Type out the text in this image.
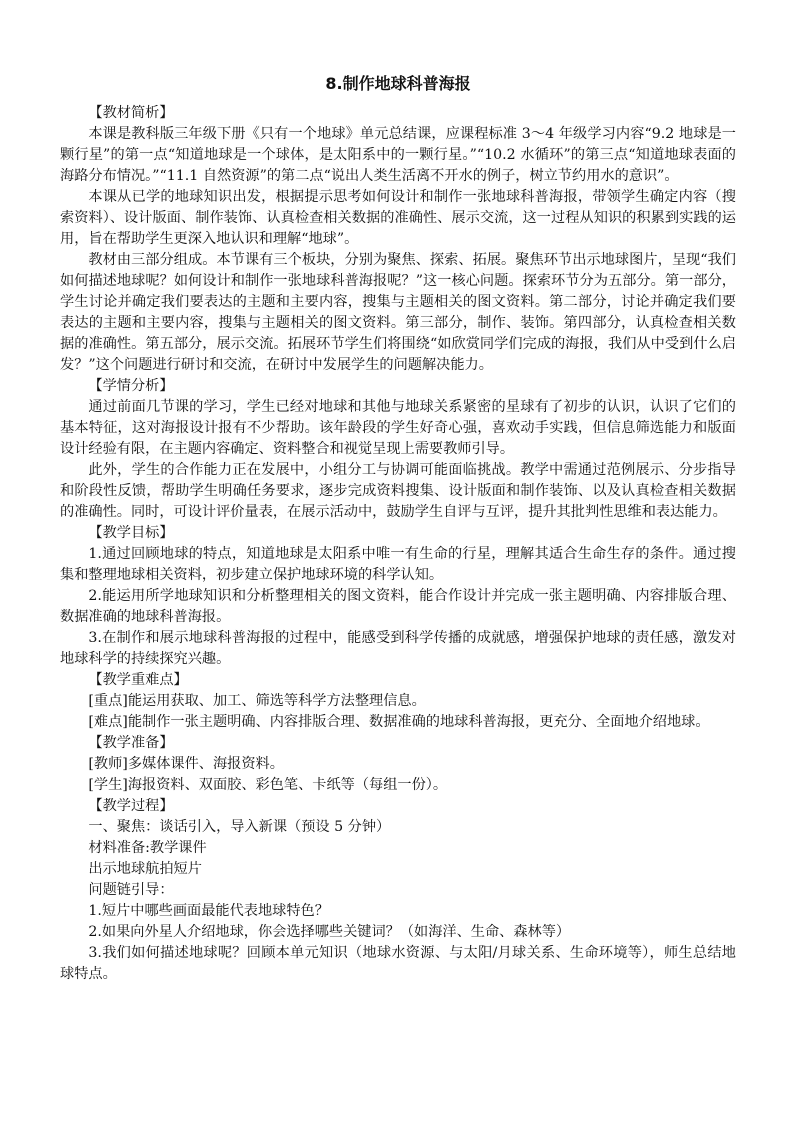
8.制作地球科普海报

【教材简析】

本课是教科版三年级下册《只有一个地球》单元总结课，应课程标准 3～4 年级学习内容“9.2 地球是一颗行星”的第一点“知道地球是一个球体，是太阳系中的一颗行星。”“10.2 水循环”的第三点“知道地球表面的海路分布情况。”“11.1 自然资源”的第二点“说出人类生活离不开水的例子，树立节约用水的意识”。

本课从已学的地球知识出发，根据提示思考如何设计和制作一张地球科普海报，带领学生确定内容（搜索资料）、设计版面、制作装饰、认真检查相关数据的准确性、展示交流，这一过程从知识的积累到实践的运用，旨在帮助学生更深入地认识和理解“地球”。

教材由三部分组成。本节课有三个板块，分别为聚焦、探索、拓展。聚焦环节出示地球图片，呈现“我们如何描述地球呢？如何设计和制作一张地球科普海报呢？”这一核心问题。探索环节分为五部分。第一部分，学生讨论并确定我们要表达的主题和主要内容，搜集与主题相关的图文资料。第二部分，讨论并确定我们要表达的主题和主要内容，搜集与主题相关的图文资料。第三部分，制作、装饰。第四部分，认真检查相关数据的准确性。第五部分，展示交流。拓展环节学生们将围绕“如欣赏同学们完成的海报，我们从中受到什么启发？”这个问题进行研讨和交流，在研讨中发展学生的问题解决能力。

【学情分析】

通过前面几节课的学习，学生已经对地球和其他与地球关系紧密的星球有了初步的认识，认识了它们的基本特征，这对海报设计报有不少帮助。该年龄段的学生好奇心强，喜欢动手实践，但信息筛选能力和版面设计经验有限，在主题内容确定、资料整合和视觉呈现上需要教师引导。

此外，学生的合作能力正在发展中，小组分工与协调可能面临挑战。教学中需通过范例展示、分步指导和阶段性反馈，帮助学生明确任务要求，逐步完成资料搜集、设计版面和制作装饰、以及认真检查相关数据的准确性。同时，可设计评价量表，在展示活动中，鼓励学生自评与互评，提升其批判性思维和表达能力。

【教学目标】

1.通过回顾地球的特点，知道地球是太阳系中唯一有生命的行星，理解其适合生命生存的条件。通过搜集和整理地球相关资料，初步建立保护地球环境的科学认知。

2.能运用所学地球知识和分析整理相关的图文资料，能合作设计并完成一张主题明确、内容排版合理、数据准确的地球科普海报。

3.在制作和展示地球科普海报的过程中，能感受到科学传播的成就感，增强保护地球的责任感，激发对地球科学的持续探究兴趣。

【教学重难点】

[重点]能运用获取、加工、筛选等科学方法整理信息。

[难点]能制作一张主题明确、内容排版合理、数据准确的地球科普海报，更充分、全面地介绍地球。

【教学准备】

[教师]多媒体课件、海报资料。

[学生]海报资料、双面胶、彩色笔、卡纸等（每组一份）。

【教学过程】

一、聚焦：谈话引入，导入新课（预设 5 分钟）

材料准备:教学课件

出示地球航拍短片

问题链引导：

1.短片中哪些画面最能代表地球特色？

2.如果向外星人介绍地球，你会选择哪些关键词？（如海洋、生命、森林等）

3.我们如何描述地球呢？回顾本单元知识（地球水资源、与太阳/月球关系、生命环境等），师生总结地球特点。
